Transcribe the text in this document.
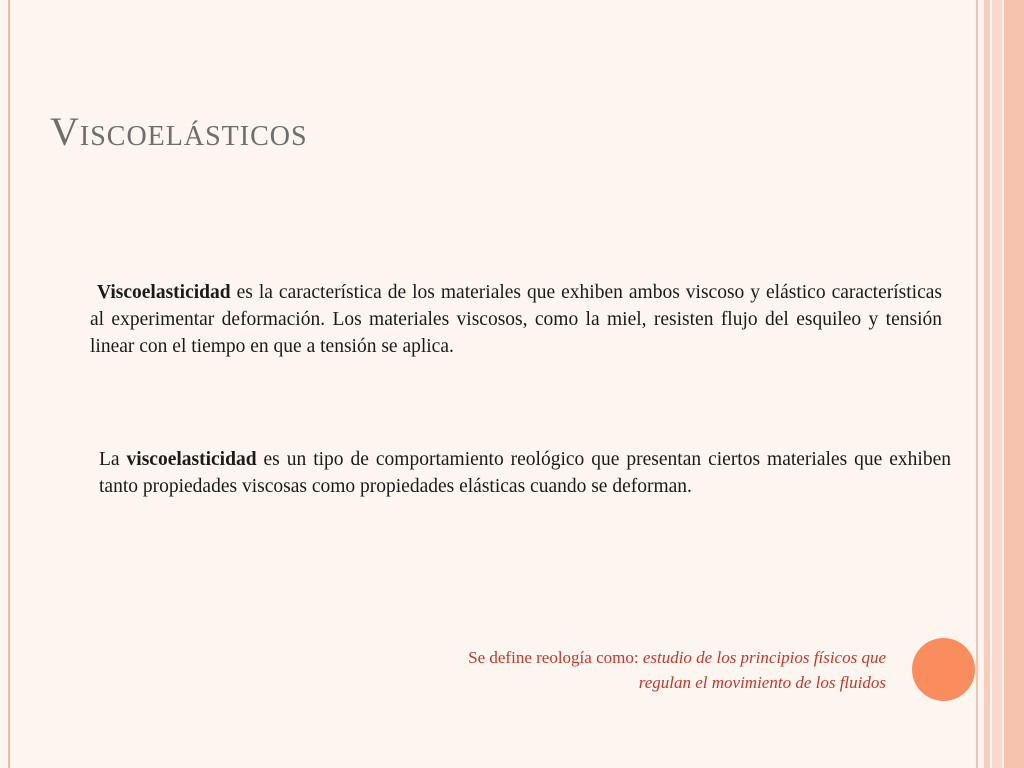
Viscoelásticos

Viscoelasticidad es la característica de los materiales que exhiben ambos viscoso y elástico características al experimentar deformación. Los materiales viscosos, como la miel, resisten flujo del esquileo y tensión linear con el tiempo en que a tensión se aplica.

La viscoelasticidad es un tipo de comportamiento reológico que presentan ciertos materiales que exhiben tanto propiedades viscosas como propiedades elásticas cuando se deforman.

Se define reología como: estudio de los principios físicos que regulan el movimiento de los fluidos
